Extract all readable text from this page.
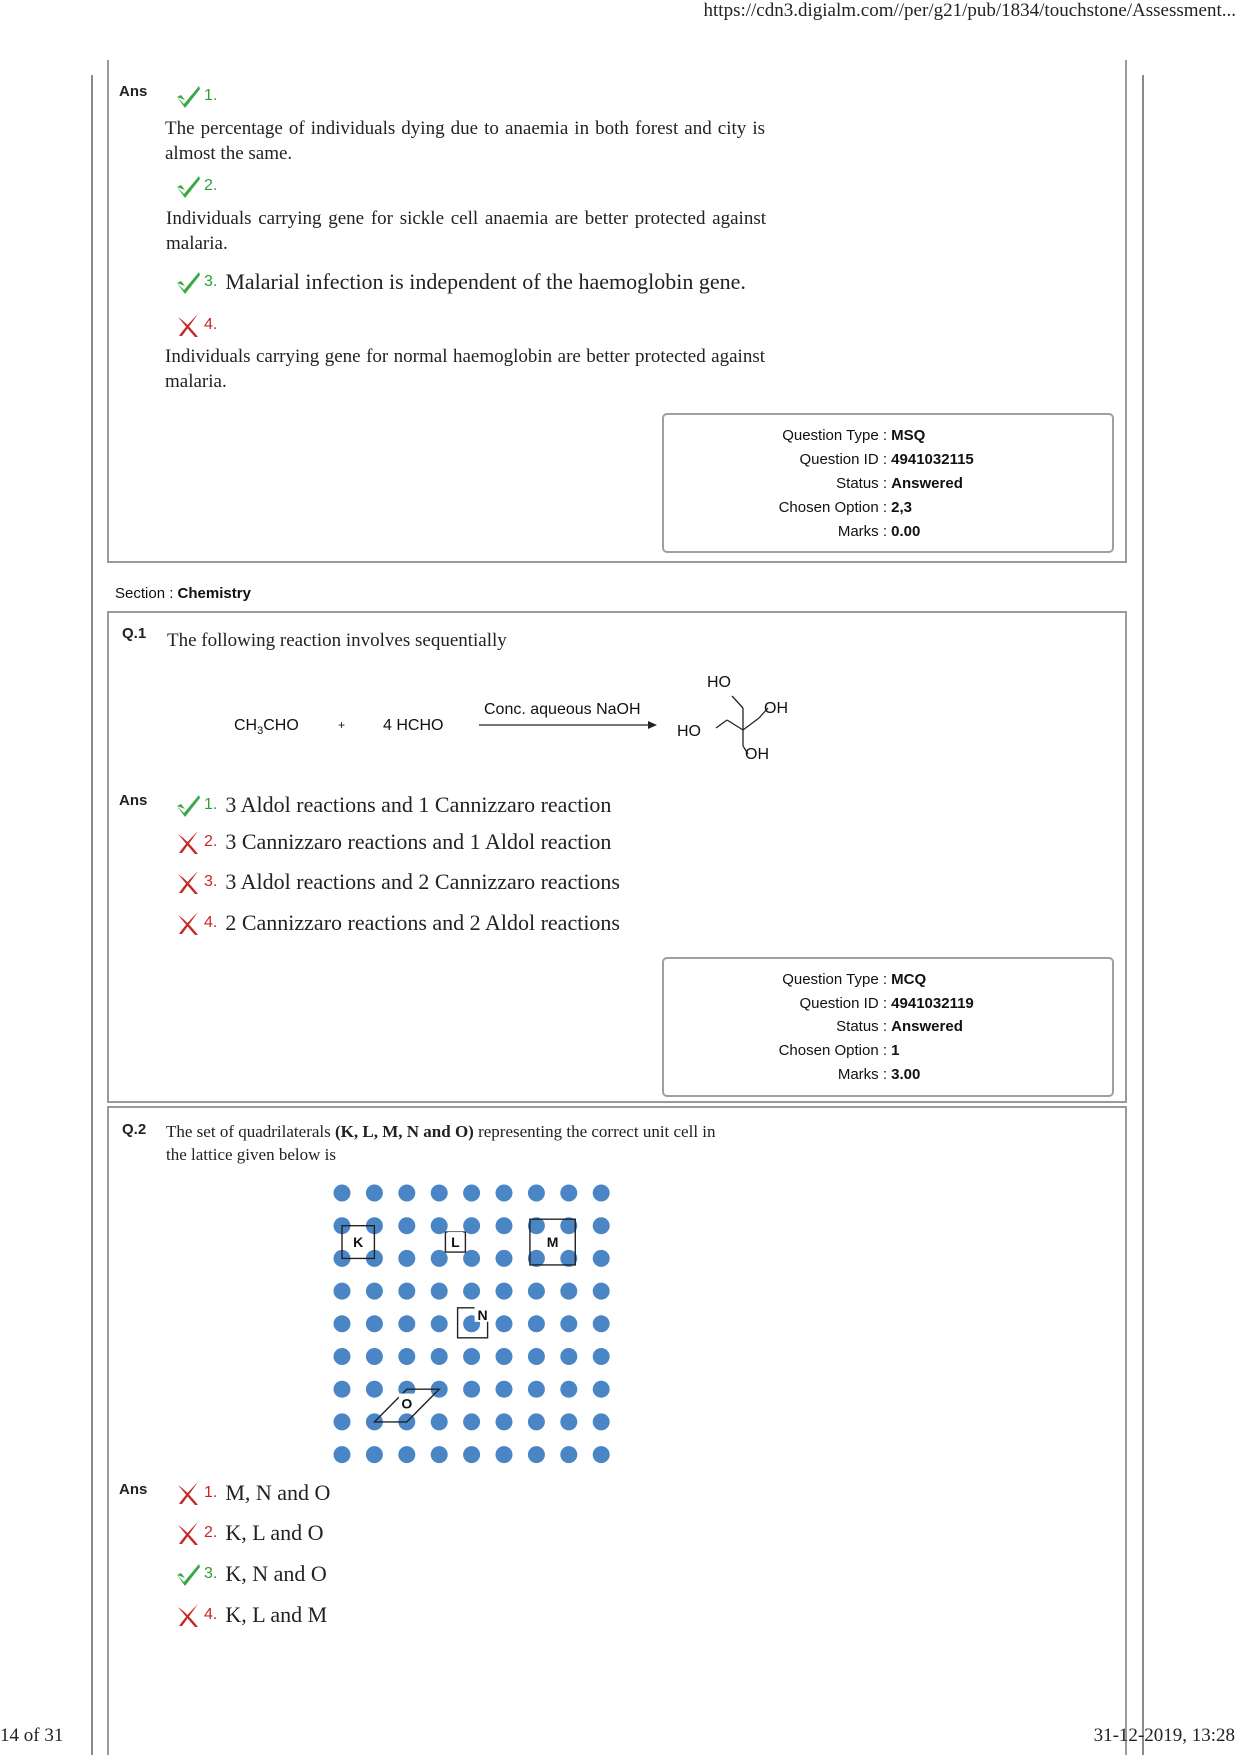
https://cdn3.digialm.com//per/g21/pub/1834/touchstone/Assessment...
Ans	1.
The percentage of individuals dying due to anaemia in both forest and city is almost the same.
2.
Individuals carrying gene for sickle cell anaemia are better protected against malaria.
3. Malarial infection is independent of the haemoglobin gene.
4.
Individuals carrying gene for normal haemoglobin are better protected against malaria.
Question Type : MSQ
Question ID : 4941032115
Status : Answered
Chosen Option : 2,3
Marks : 0.00
Section : Chemistry
Q.1 The following reaction involves sequentially
$CH_3CHO$	+ 4 HCHO
Conc. aqueous NaOH
HO
OH
HO
OH
Ans	1. 3 Aldol reactions and 1 Cannizzaro reaction
2. 3 Cannizzaro reactions and 1 Aldol reaction
3. 3 Aldol reactions and 2 Cannizzaro reactions
4. 2 Cannizzaro reactions and 2 Aldol reactions
Question Type : MCQ
Question ID : 4941032119
Status : Answered
Chosen Option : 1
Marks : 3.00
Q.2 The set of quadrilaterals (K, L, M, N and O) representing the correct unit cell in
the lattice given below is
K	L	M
N
O
Ans	1. M, N and O
2. K, L and O
3. K, N and O
4. K, L and M
14 of 31	31-12-2019, 13:28
